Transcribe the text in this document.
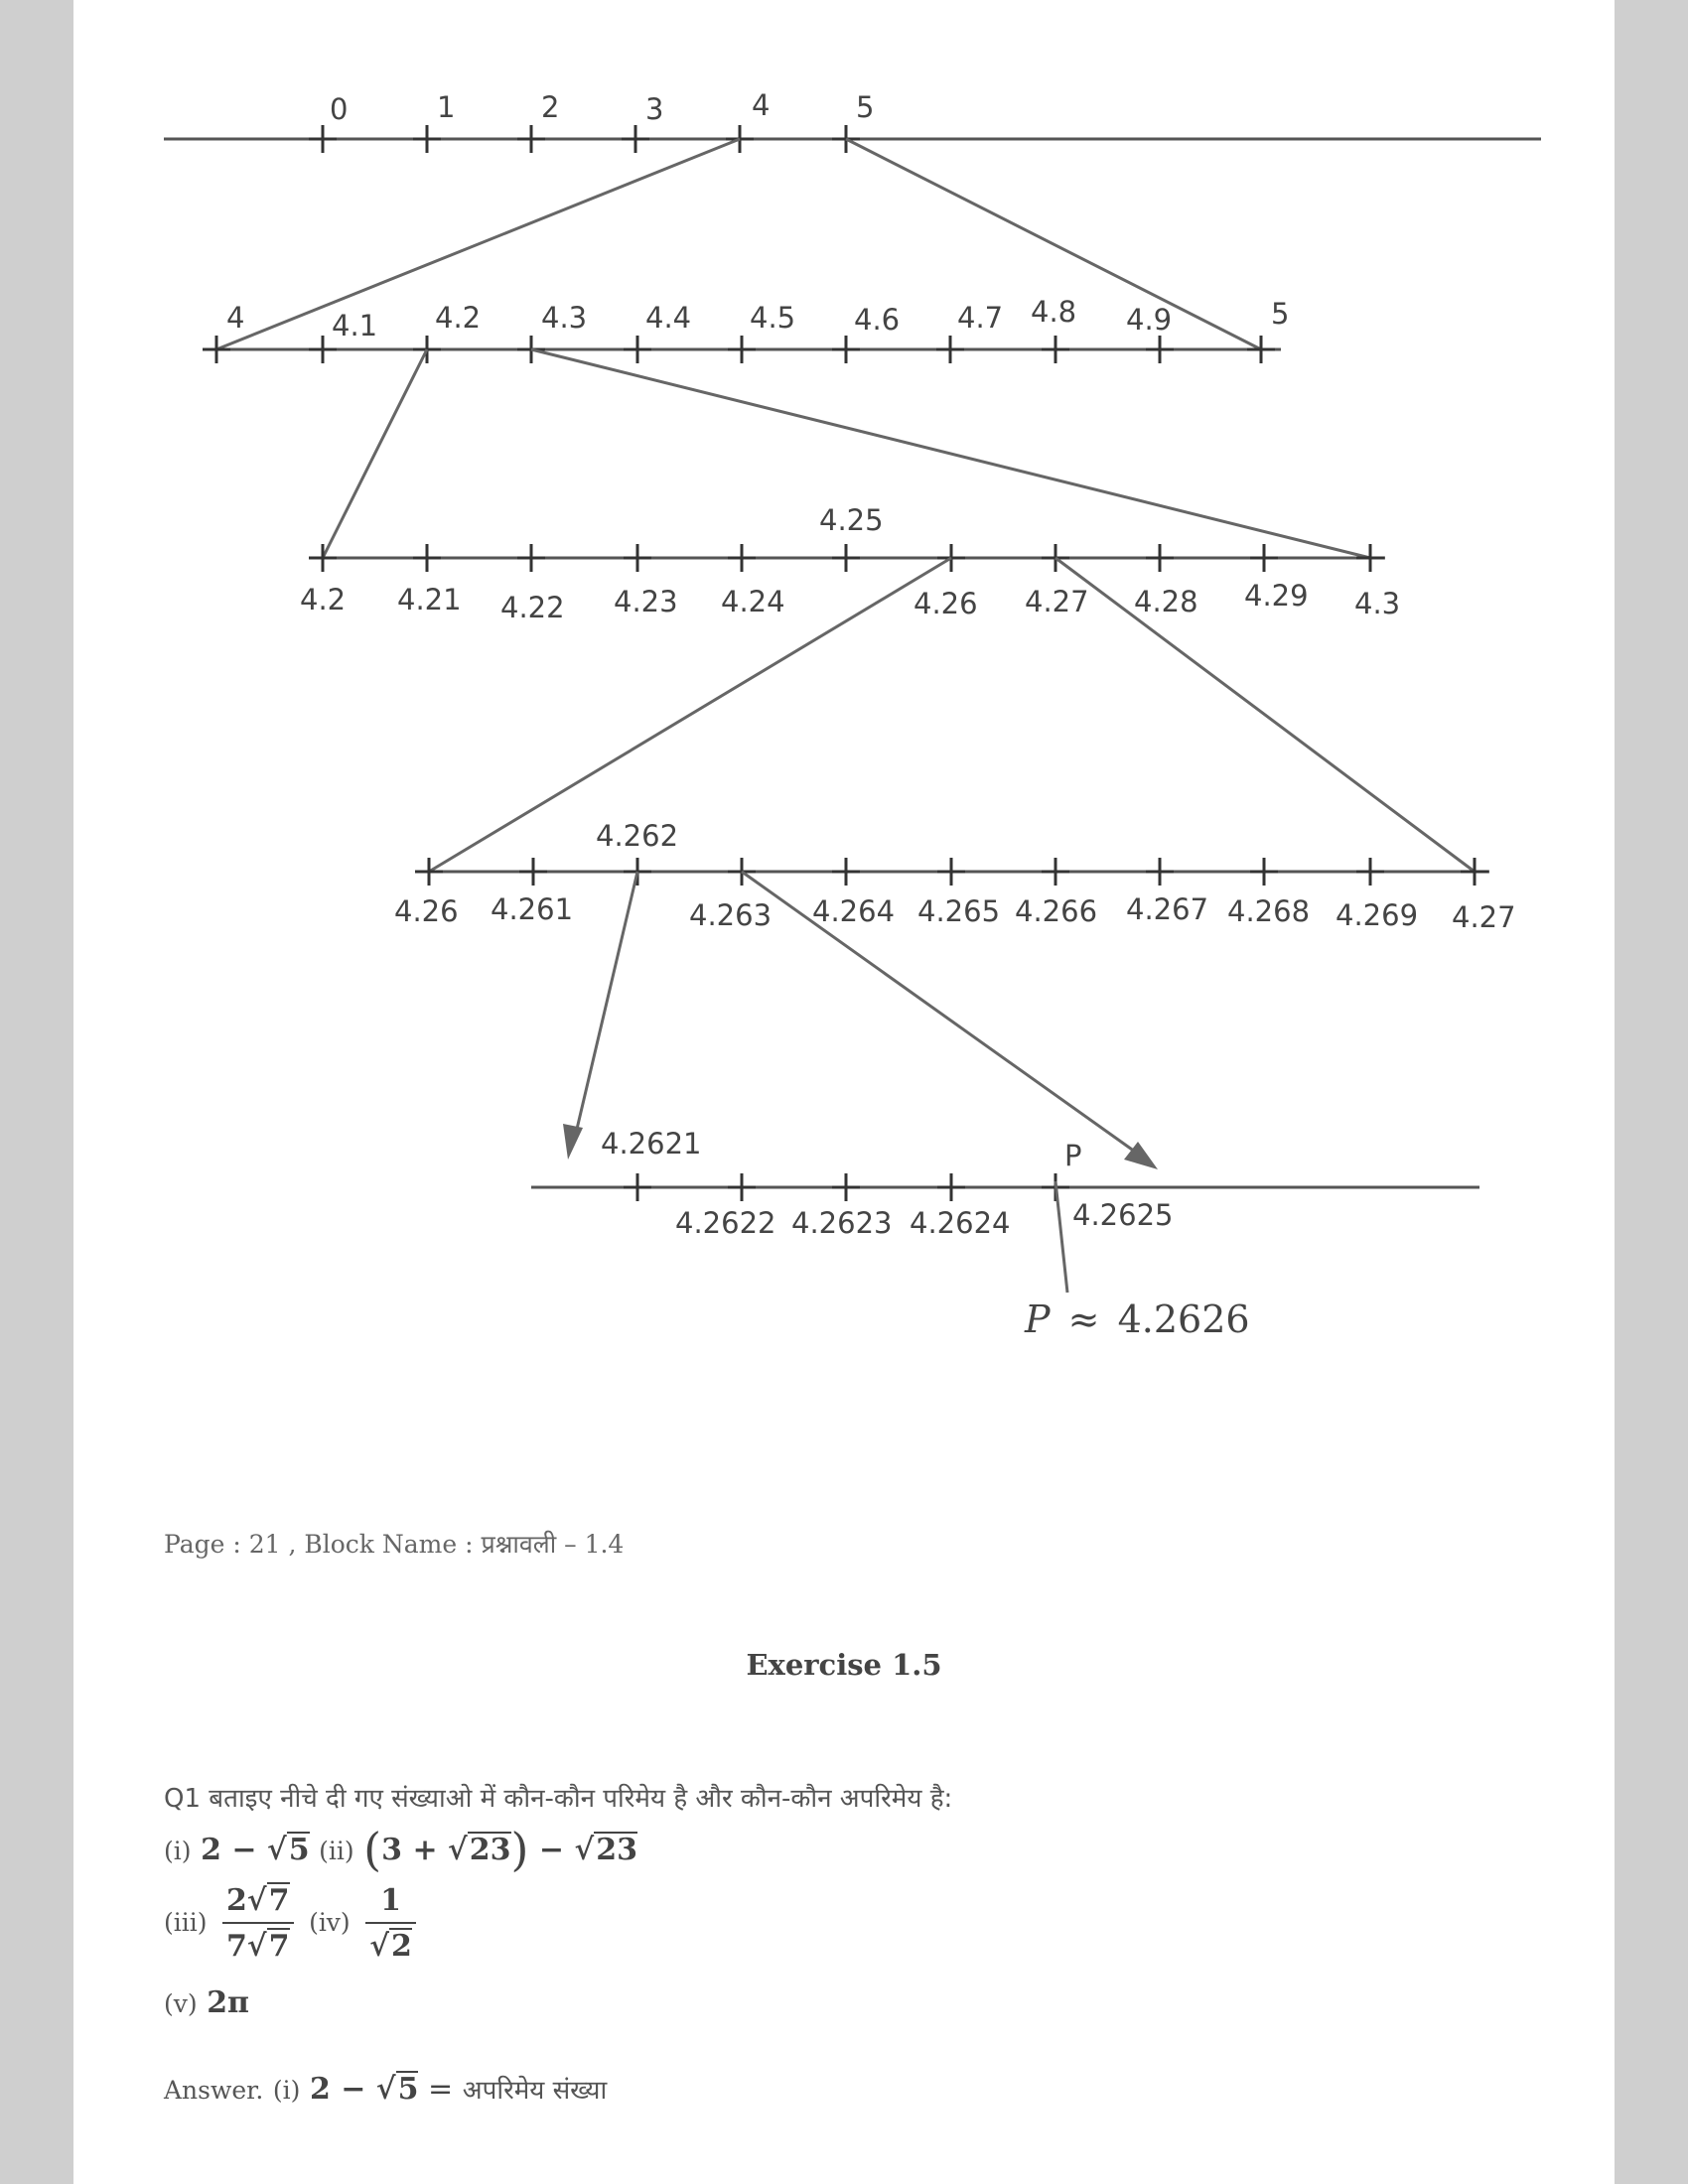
0	1	2	3	4	5
4	4.1 4.2 4.3 4.4 4.5 4.6 4.7 4.8 4.9	5
4.2 4.21 4.22 4.23 4.24
4.25
4.26 4.27 4.28 4.29 4.3
4.26 4.261
4.262
4.263 4.264 4.265 4.266 4.267 4.268 4.269 4.27
4.2621
4.2622 4.2623 4.2624 4.2625
P
P ≈ 4.2626
Page : 21 , Block Name : प्रश्नावली – 1.4
Exercise 1.5
Q1 बताइए नीचे दी गए संख्याओ में कौन-कौन परिमेय है और कौन-कौन अपरिमेय है:
(i) 2 − √5 (ii) (3 + √23) − √23
$(iii) \frac{2√7}{7√7} (iv) \frac{1}{√2}$
(v) 2π
Answer. (i) 2 − √5 = अपरिमेय संख्या
